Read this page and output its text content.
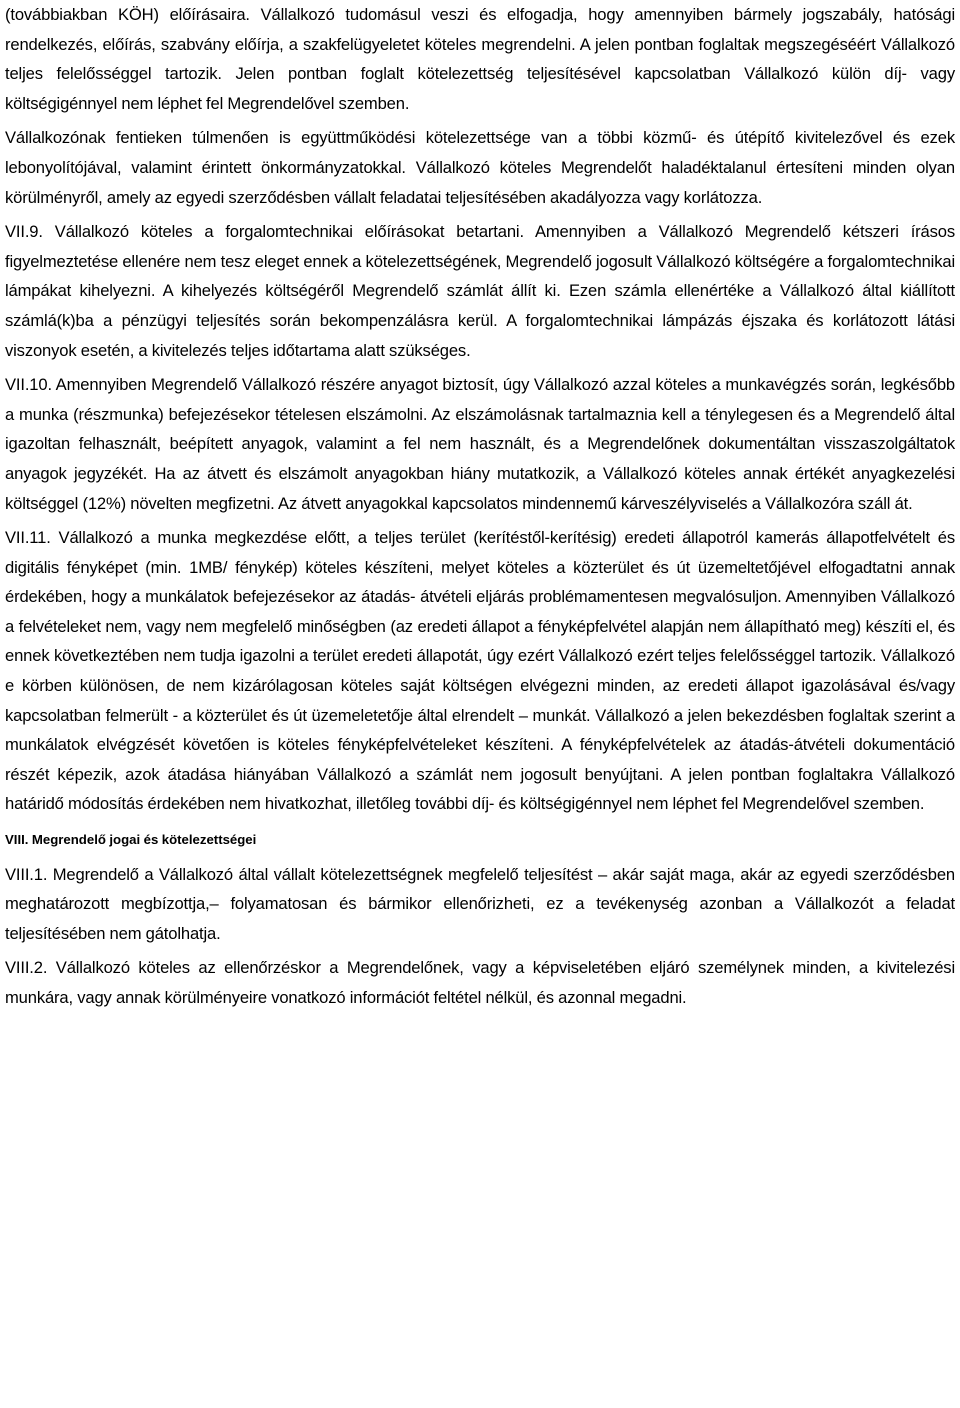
(továbbiakban KÖH) előírásaira. Vállalkozó tudomásul veszi és elfogadja, hogy amennyiben bármely jogszabály, hatósági rendelkezés, előírás, szabvány előírja, a szakfelügyeletet köteles megrendelni. A jelen pontban foglaltak megszegéséért Vállalkozó teljes felelősséggel tartozik. Jelen pontban foglalt kötelezettség teljesítésével kapcsolatban Vállalkozó külön díj- vagy költségigénnyel nem léphet fel Megrendelővel szemben.

Vállalkozónak fentieken túlmenően is együttműködési kötelezettsége van a többi közmű- és útépítő kivitelezővel és ezek lebonyolítójával, valamint érintett önkormányzatokkal. Vállalkozó köteles Megrendelőt haladéktalanul értesíteni minden olyan körülményről, amely az egyedi szerződésben vállalt feladatai teljesítésében akadályozza vagy korlátozza.

VII.9. Vállalkozó köteles a forgalomtechnikai előírásokat betartani. Amennyiben a Vállalkozó Megrendelő kétszeri írásos figyelmeztetése ellenére nem tesz eleget ennek a kötelezettségének, Megrendelő jogosult Vállalkozó költségére a forgalomtechnikai lámpákat kihelyezni. A kihelyezés költségéről Megrendelő számlát állít ki. Ezen számla ellenértéke a Vállalkozó által kiállított számlá(k)ba a pénzügyi teljesítés során bekompenzálásra kerül. A forgalomtechnikai lámpázás éjszaka és korlátozott látási viszonyok esetén, a kivitelezés teljes időtartama alatt szükséges.

VII.10. Amennyiben Megrendelő Vállalkozó részére anyagot biztosít, úgy Vállalkozó azzal köteles a munkavégzés során, legkésőbb a munka (részmunka) befejezésekor tételesen elszámolni. Az elszámolásnak tartalmaznia kell a ténylegesen és a Megrendelő által igazoltan felhasznált, beépített anyagok, valamint a fel nem használt, és a Megrendelőnek dokumentáltan visszaszolgáltatok anyagok jegyzékét. Ha az átvett és elszámolt anyagokban hiány mutatkozik, a Vállalkozó köteles annak értékét anyagkezelési költséggel (12%) növelten megfizetni. Az átvett anyagokkal kapcsolatos mindennemű kárveszélyviselés a Vállalkozóra száll át.

VII.11. Vállalkozó a munka megkezdése előtt, a teljes terület (kerítéstől-kerítésig) eredeti állapotról kamerás állapotfelvételt és digitális fényképet (min. 1MB/ fénykép) köteles készíteni, melyet köteles a közterület és út üzemeltetőjével elfogadtatni annak érdekében, hogy a munkálatok befejezésekor az átadás- átvételi eljárás problémamentesen megvalósuljon. Amennyiben Vállalkozó a felvételeket nem, vagy nem megfelelő minőségben (az eredeti állapot a fényképfelvétel alapján nem állapítható meg) készíti el, és ennek következtében nem tudja igazolni a terület eredeti állapotát, úgy ezért Vállalkozó ezért teljes felelősséggel tartozik. Vállalkozó e körben különösen, de nem kizárólagosan köteles saját költségen elvégezni minden, az eredeti állapot igazolásával és/vagy kapcsolatban felmerült - a közterület és út üzemeletetője által elrendelt – munkát. Vállalkozó a jelen bekezdésben foglaltak szerint a munkálatok elvégzését követően is köteles fényképfelvételeket készíteni. A fényképfelvételek az átadás-átvételi dokumentáció részét képezik, azok átadása hiányában Vállalkozó a számlát nem jogosult benyújtani. A jelen pontban foglaltakra Vállalkozó határidő módosítás érdekében nem hivatkozhat, illetőleg további díj- és költségigénnyel nem léphet fel Megrendelővel szemben.

VIII. Megrendelő jogai és kötelezettségei

VIII.1. Megrendelő a Vállalkozó által vállalt kötelezettségnek megfelelő teljesítést – akár saját maga, akár az egyedi szerződésben meghatározott megbízottja,– folyamatosan és bármikor ellenőrizheti, ez a tevékenység azonban a Vállalkozót a feladat teljesítésében nem gátolhatja.

VIII.2. Vállalkozó köteles az ellenőrzéskor a Megrendelőnek, vagy a képviseletében eljáró személynek minden, a kivitelezési munkára, vagy annak körülményeire vonatkozó információt feltétel nélkül, és azonnal megadni.
